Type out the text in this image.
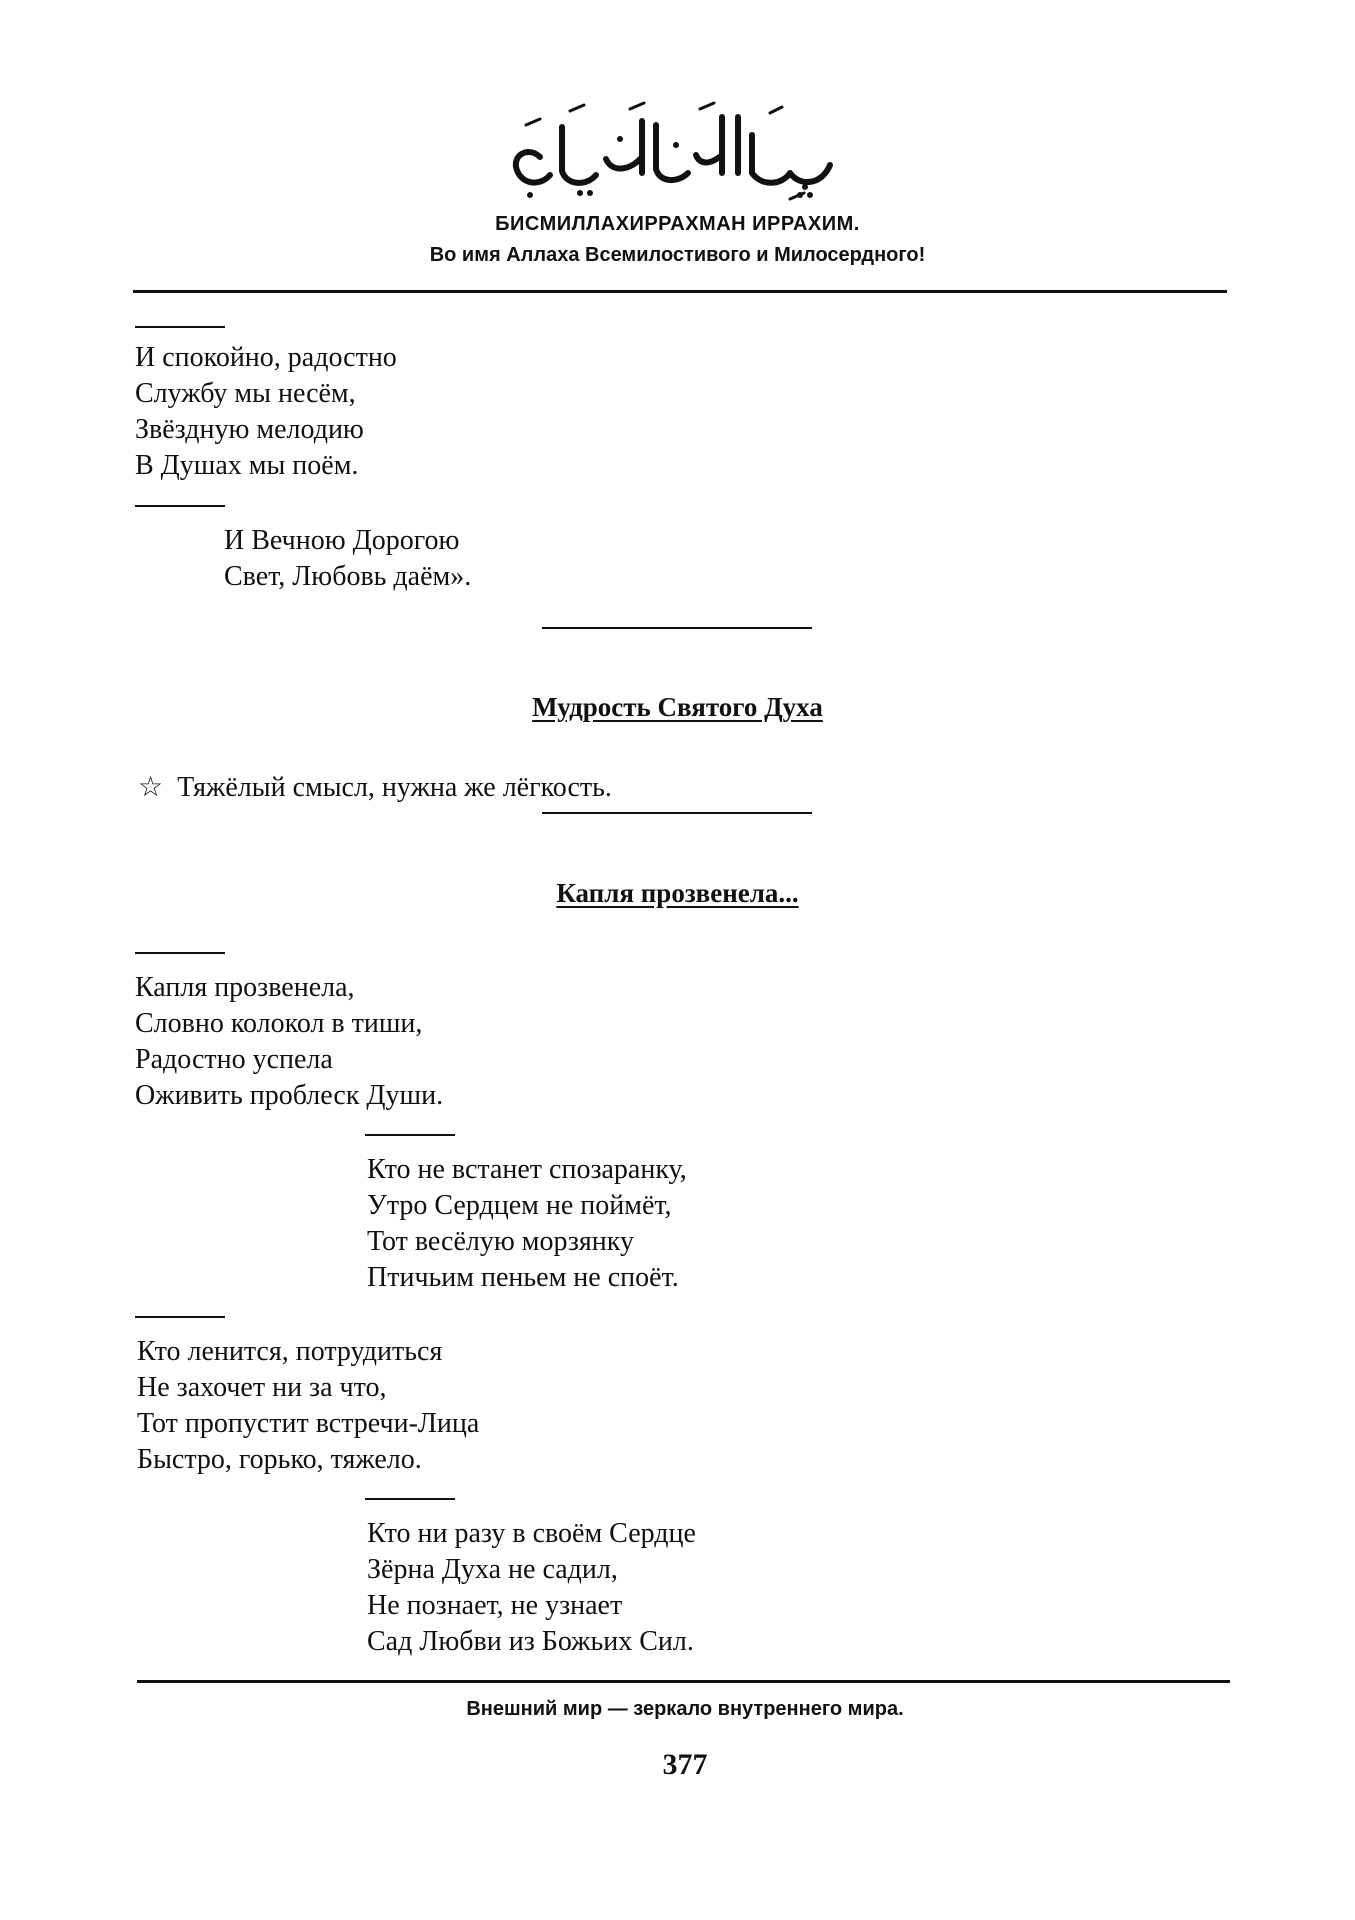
БИСМИЛЛАХИРРАХМАН ИРРАХИМ.
Во имя Аллаха Всемилостивого и Милосердного!
И спокойно, радостно
Службу мы несём,
Звёздную мелодию
В Душах мы поём.
И Вечною Дорогою
Свет, Любовь даём».
Мудрость Святого Духа
☆ Тяжёлый смысл, нужна же лёгкость.
Капля прозвенела...
Капля прозвенела,
Словно колокол в тиши,
Радостно успела
Оживить проблеск Души.
Кто не встанет спозаранку,
Утро Сердцем не поймёт,
Тот весёлую морзянку
Птичьим пеньем не споёт.
Кто ленится, потрудиться
Не захочет ни за что,
Тот пропустит встречи-Лица
Быстро, горько, тяжело.
Кто ни разу в своём Сердце
Зёрна Духа не садил,
Не познает, не узнает
Сад Любви из Божьих Сил.
Внешний мир — зеркало внутреннего мира.
377
